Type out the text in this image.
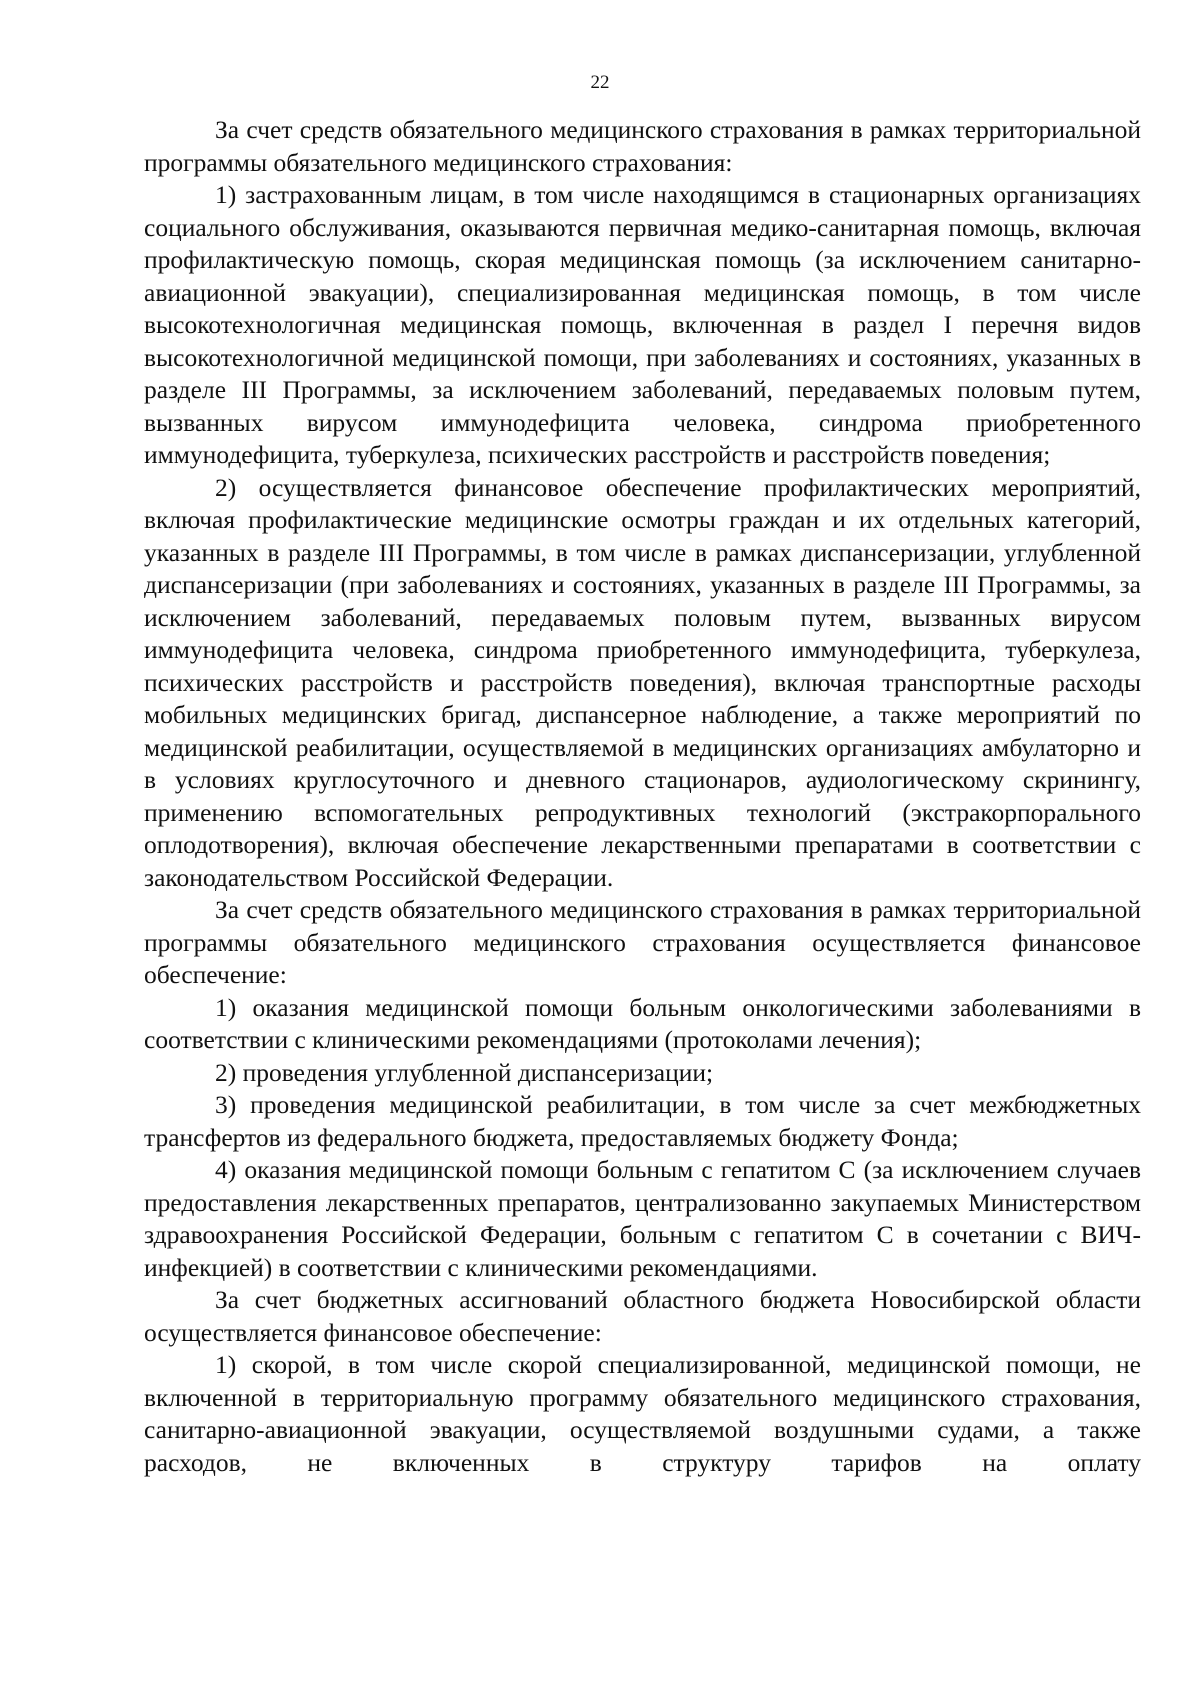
22

За счет средств обязательного медицинского страхования в рамках территориальной программы обязательного медицинского страхования:

1) застрахованным лицам, в том числе находящимся в стационарных организациях социального обслуживания, оказываются первичная медико-санитарная помощь, включая профилактическую помощь, скорая медицинская помощь (за исключением санитарно-авиационной эвакуации), специализированная медицинская помощь, в том числе высокотехнологичная медицинская помощь, включенная в раздел I перечня видов высокотехнологичной медицинской помощи, при заболеваниях и состояниях, указанных в разделе III Программы, за исключением заболеваний, передаваемых половым путем, вызванных вирусом иммунодефицита человека, синдрома приобретенного иммунодефицита, туберкулеза, психических расстройств и расстройств поведения;

2) осуществляется финансовое обеспечение профилактических мероприятий, включая профилактические медицинские осмотры граждан и их отдельных категорий, указанных в разделе III Программы, в том числе в рамках диспансеризации, углубленной диспансеризации (при заболеваниях и состояниях, указанных в разделе III Программы, за исключением заболеваний, передаваемых половым путем, вызванных вирусом иммунодефицита человека, синдрома приобретенного иммунодефицита, туберкулеза, психических расстройств и расстройств поведения), включая транспортные расходы мобильных медицинских бригад, диспансерное наблюдение, а также мероприятий по медицинской реабилитации, осуществляемой в медицинских организациях амбулаторно и в условиях круглосуточного и дневного стационаров, аудиологическому скринингу, применению вспомогательных репродуктивных технологий (экстракорпорального оплодотворения), включая обеспечение лекарственными препаратами в соответствии с законодательством Российской Федерации.

За счет средств обязательного медицинского страхования в рамках территориальной программы обязательного медицинского страхования осуществляется финансовое обеспечение:

1) оказания медицинской помощи больным онкологическими заболеваниями в соответствии с клиническими рекомендациями (протоколами лечения);

2) проведения углубленной диспансеризации;

3) проведения медицинской реабилитации, в том числе за счет межбюджетных трансфертов из федерального бюджета, предоставляемых бюджету Фонда;

4) оказания медицинской помощи больным с гепатитом С (за исключением случаев предоставления лекарственных препаратов, централизованно закупаемых Министерством здравоохранения Российской Федерации, больным с гепатитом С в сочетании с ВИЧ-инфекцией) в соответствии с клиническими рекомендациями.

За счет бюджетных ассигнований областного бюджета Новосибирской области осуществляется финансовое обеспечение:

1) скорой, в том числе скорой специализированной, медицинской помощи, не включенной в территориальную программу обязательного медицинского страхования, санитарно-авиационной эвакуации, осуществляемой воздушными судами, а также расходов, не включенных в структуру тарифов на оплату
